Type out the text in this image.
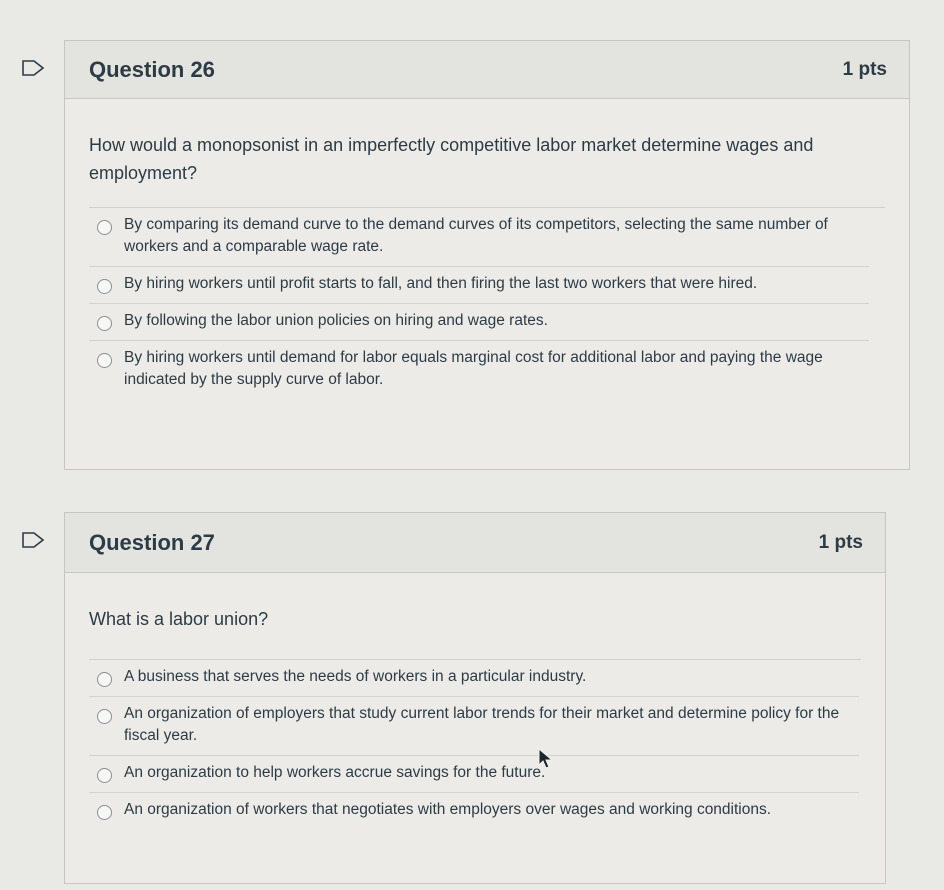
Question 26	1 pts
How would a monopsonist in an imperfectly competitive labor market determine wages and employment?
By comparing its demand curve to the demand curves of its competitors, selecting the same number of workers and a comparable wage rate.
By hiring workers until profit starts to fall, and then firing the last two workers that were hired.
By following the labor union policies on hiring and wage rates.
By hiring workers until demand for labor equals marginal cost for additional labor and paying the wage indicated by the supply curve of labor.
Question 27	1 pts
What is a labor union?
A business that serves the needs of workers in a particular industry.
An organization of employers that study current labor trends for their market and determine policy for the fiscal year.
An organization to help workers accrue savings for the future.
An organization of workers that negotiates with employers over wages and working conditions.
